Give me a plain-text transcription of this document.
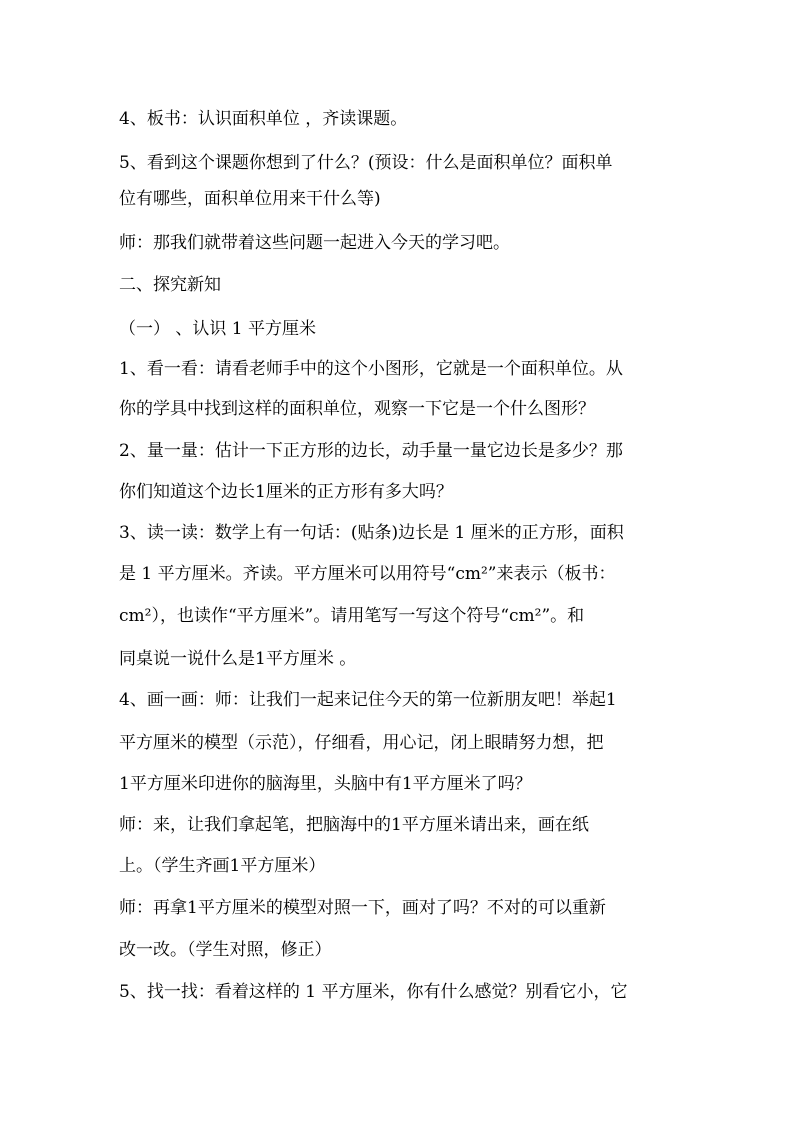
4、板书：认识面积单位 ，齐读课题。
5、看到这个课题你想到了什么？(预设：什么是面积单位？面积单
位有哪些，面积单位用来干什么等)
师：那我们就带着这些问题一起进入今天的学习吧。
二、探究新知
（一） 、认识 1 平方厘米
1、看一看：请看老师手中的这个小图形，它就是一个面积单位。从
你的学具中找到这样的面积单位，观察一下它是一个什么图形？
2、量一量：估计一下正方形的边长，动手量一量它边长是多少？那
你们知道这个边长1厘米的正方形有多大吗？
3、读一读：数学上有一句话：(贴条)边长是 1 厘米的正方形，面积
是 1 平方厘米。齐读。平方厘米可以用符号“cm²”来表示（板书：
cm²），也读作“平方厘米”。请用笔写一写这个符号“cm²”。和
同桌说一说什么是1平方厘米 。
4、画一画：师：让我们一起来记住今天的第一位新朋友吧！举起1
平方厘米的模型（示范），仔细看，用心记，闭上眼睛努力想，把
1平方厘米印进你的脑海里，头脑中有1平方厘米了吗？
师：来，让我们拿起笔，把脑海中的1平方厘米请出来，画在纸
上。（学生齐画1平方厘米）
师：再拿1平方厘米的模型对照一下，画对了吗？不对的可以重新
改一改。（学生对照，修正）
5、找一找：看着这样的 1 平方厘米，你有什么感觉？别看它小，它
